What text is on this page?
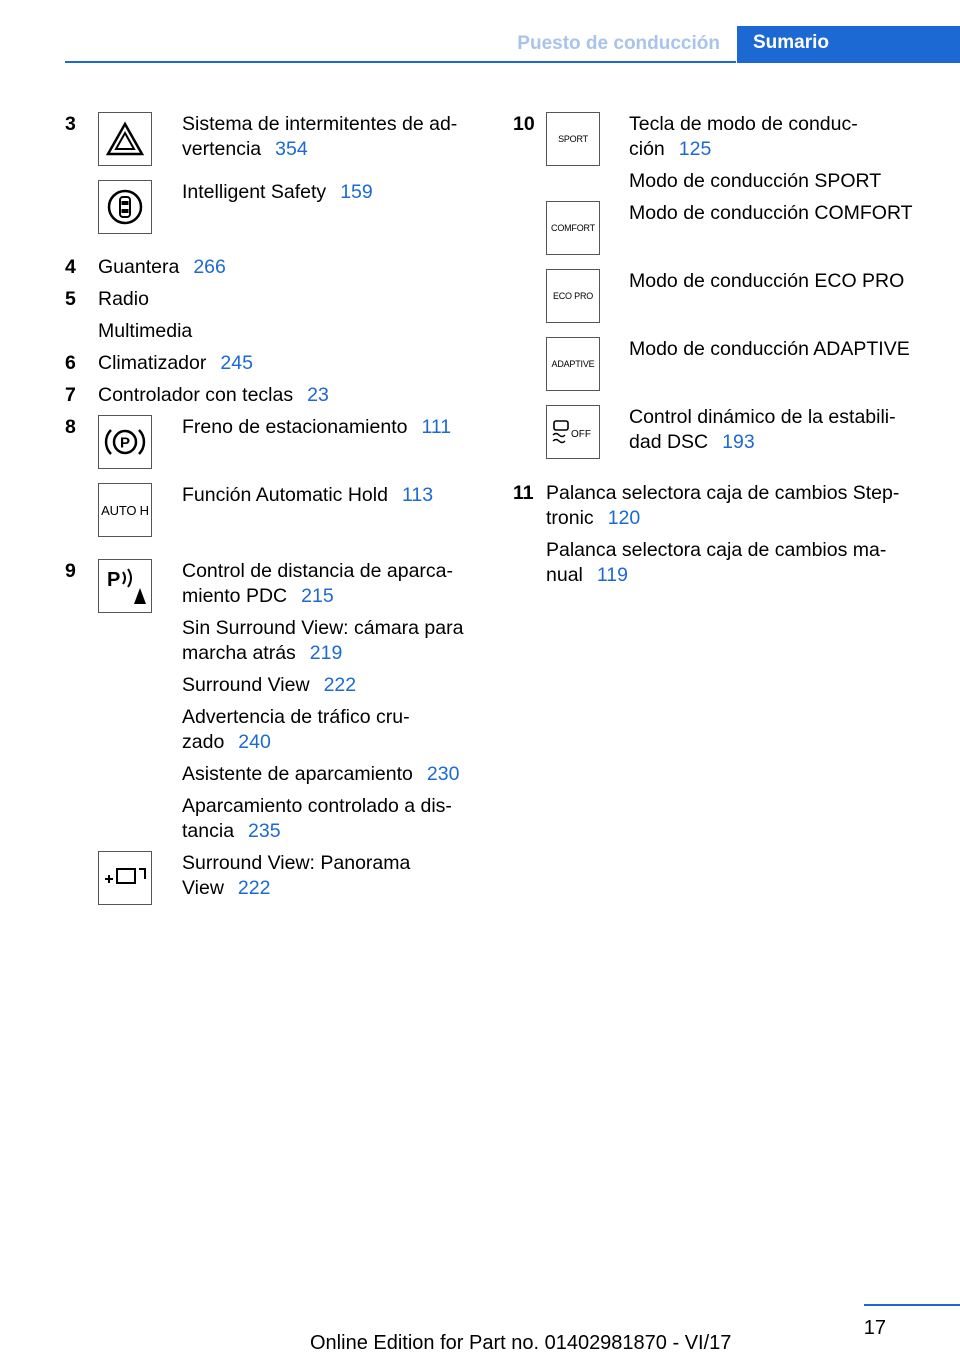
Puesto de conducción	Sumario
3	Sistema de intermitentes de ad-
vertencia 354
Intelligent Safety 159
4 Guantera 266
5 Radio
Multimedia
6 Climatizador 245
7 Controlador con teclas 23
8
P
Freno de estacionamiento 111
AUTO H
Función Automatic Hold 113
9 P	Control de distancia de aparca-
miento PDC 215
Sin Surround View: cámara para
marcha atrás 219
Surround View 222
Advertencia de tráfico cru-
zado 240
Asistente de aparcamiento 230
Aparcamiento controlado a dis-
tancia 235
Surround View: Panorama
View 222
10
SPORT
Tecla de modo de conduc-
ción 125
Modo de conducción SPORT
COMFORT
Modo de conducción COMFORT
ECO PRO
Modo de conducción ECO PRO
ADAPTIVE
Modo de conducción ADAPTIVE
OFF
Control dinámico de la estabili-
dad DSC 193
11 Palanca selectora caja de cambios Step-
tronic 120
Palanca selectora caja de cambios ma-
nual 119
17
Online Edition for Part no. 01402981870 - VI/17
